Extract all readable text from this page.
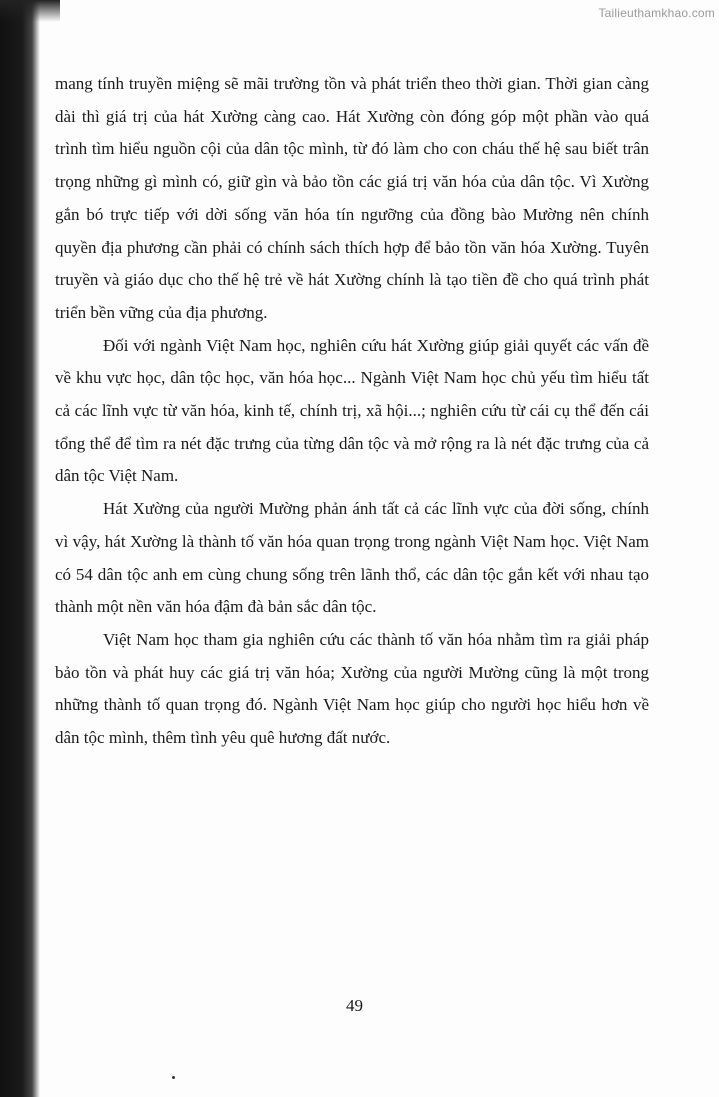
Tailieuthamkhao.com

mang tính truyền miệng sẽ mãi trường tồn và phát triển theo thời gian. Thời gian càng dài thì giá trị của hát Xường càng cao. Hát Xường còn đóng góp một phần vào quá trình tìm hiểu nguồn cội của dân tộc mình, từ đó làm cho con cháu thế hệ sau biết trân trọng những gì mình có, giữ gìn và bảo tồn các giá trị văn hóa của dân tộc. Vì Xường gắn bó trực tiếp với dời sống văn hóa tín ngưỡng của đồng bào Mường nên chính quyền địa phương cần phải có chính sách thích hợp để bảo tồn văn hóa Xường. Tuyên truyền và giáo dục cho thế hệ trẻ về hát Xường chính là tạo tiền đề cho quá trình phát triển bền vững của địa phương.

Đối với ngành Việt Nam học, nghiên cứu hát Xường giúp giải quyết các vấn đề về khu vực học, dân tộc học, văn hóa học... Ngành Việt Nam học chủ yếu tìm hiểu tất cả các lĩnh vực từ văn hóa, kinh tế, chính trị, xã hội...; nghiên cứu từ cái cụ thể đến cái tổng thể để tìm ra nét đặc trưng của từng dân tộc và mở rộng ra là nét đặc trưng của cả dân tộc Việt Nam.

Hát Xường của người Mường phản ánh tất cả các lĩnh vực của đời sống, chính vì vậy, hát Xường là thành tố văn hóa quan trọng trong ngành Việt Nam học. Việt Nam có 54 dân tộc anh em cùng chung sống trên lãnh thổ, các dân tộc gắn kết với nhau tạo thành một nền văn hóa đậm đà bản sắc dân tộc.

Việt Nam học tham gia nghiên cứu các thành tố văn hóa nhằm tìm ra giải pháp bảo tồn và phát huy các giá trị văn hóa; Xường của người Mường cũng là một trong những thành tố quan trọng đó. Ngành Việt Nam học giúp cho người học hiểu hơn về dân tộc mình, thêm tình yêu quê hương đất nước.

49
